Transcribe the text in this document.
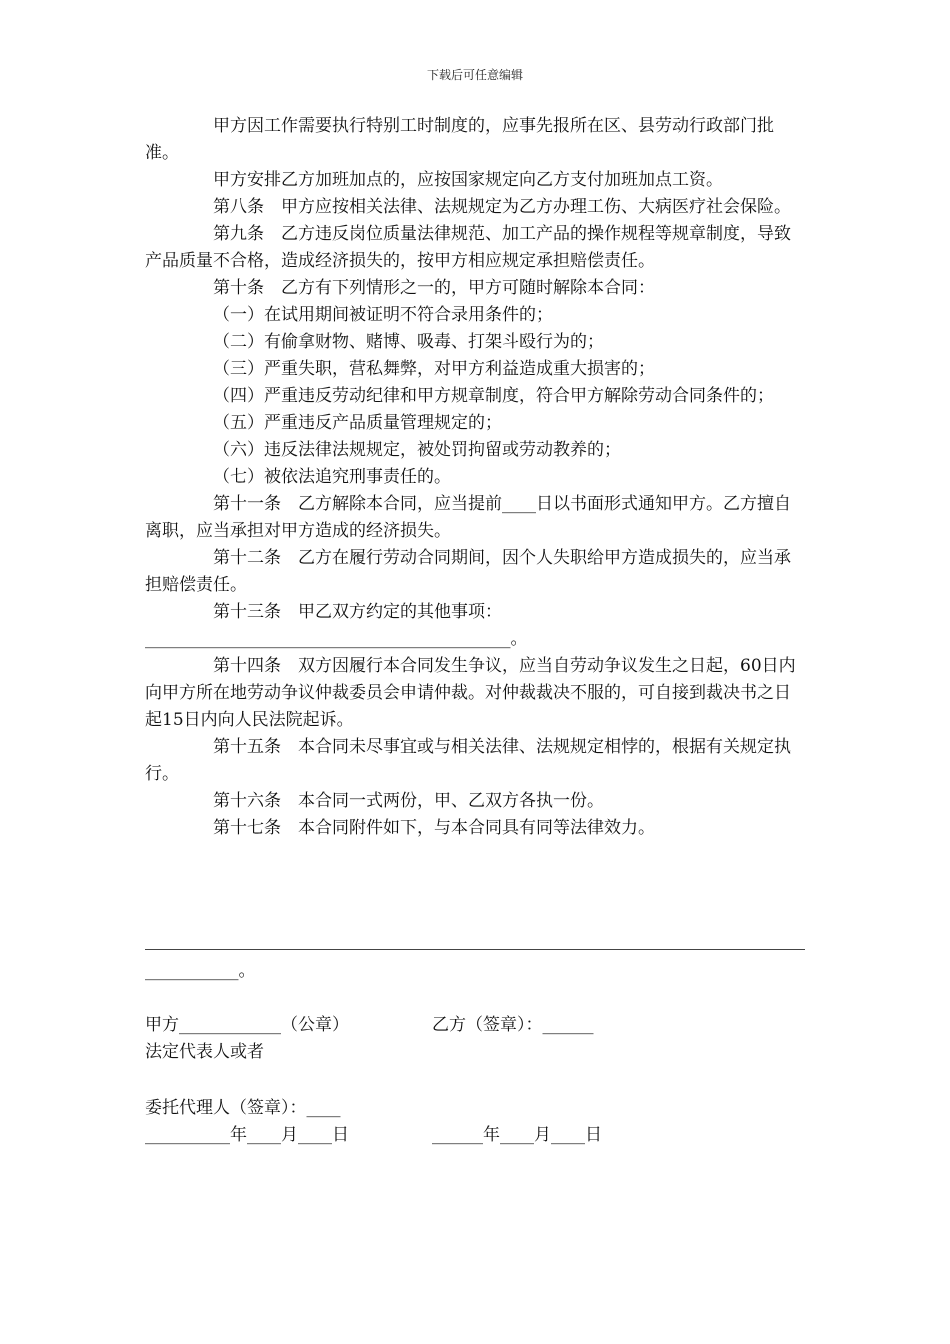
下载后可任意编辑

甲方因工作需要执行特别工时制度的，应事先报所在区、县劳动行政部门批准。

甲方安排乙方加班加点的，应按国家规定向乙方支付加班加点工资。

第八条　甲方应按相关法律、法规规定为乙方办理工伤、大病医疗社会保险。

第九条　乙方违反岗位质量法律规范、加工产品的操作规程等规章制度，导致产品质量不合格，造成经济损失的，按甲方相应规定承担赔偿责任。

第十条　乙方有下列情形之一的，甲方可随时解除本合同：

（一）在试用期间被证明不符合录用条件的；

（二）有偷拿财物、赌博、吸毒、打架斗殴行为的；

（三）严重失职，营私舞弊，对甲方利益造成重大损害的；

（四）严重违反劳动纪律和甲方规章制度，符合甲方解除劳动合同条件的；

（五）严重违反产品质量管理规定的；

（六）违反法律法规规定，被处罚拘留或劳动教养的；

（七）被依法追究刑事责任的。

第十一条　乙方解除本合同，应当提前____日以书面形式通知甲方。乙方擅自离职，应当承担对甲方造成的经济损失。

第十二条　乙方在履行劳动合同期间，因个人失职给甲方造成损失的，应当承担赔偿责任。

第十三条　甲乙双方约定的其他事项：___________________________________________。

第十四条　双方因履行本合同发生争议，应当自劳动争议发生之日起，60日内向甲方所在地劳动争议仲裁委员会申请仲裁。对仲裁裁决不服的，可自接到裁决书之日起15日内向人民法院起诉。

第十五条　本合同未尽事宜或与相关法律、法规规定相悖的，根据有关规定执行。

第十六条　本合同一式两份，甲、乙双方各执一份。

第十七条　本合同附件如下，与本合同具有同等法律效力。

___________。
甲方____________（公章）	乙方（签章）：______
法定代表人或者
委托代理人（签章）：____
__________年____月____日	______年____月____日
